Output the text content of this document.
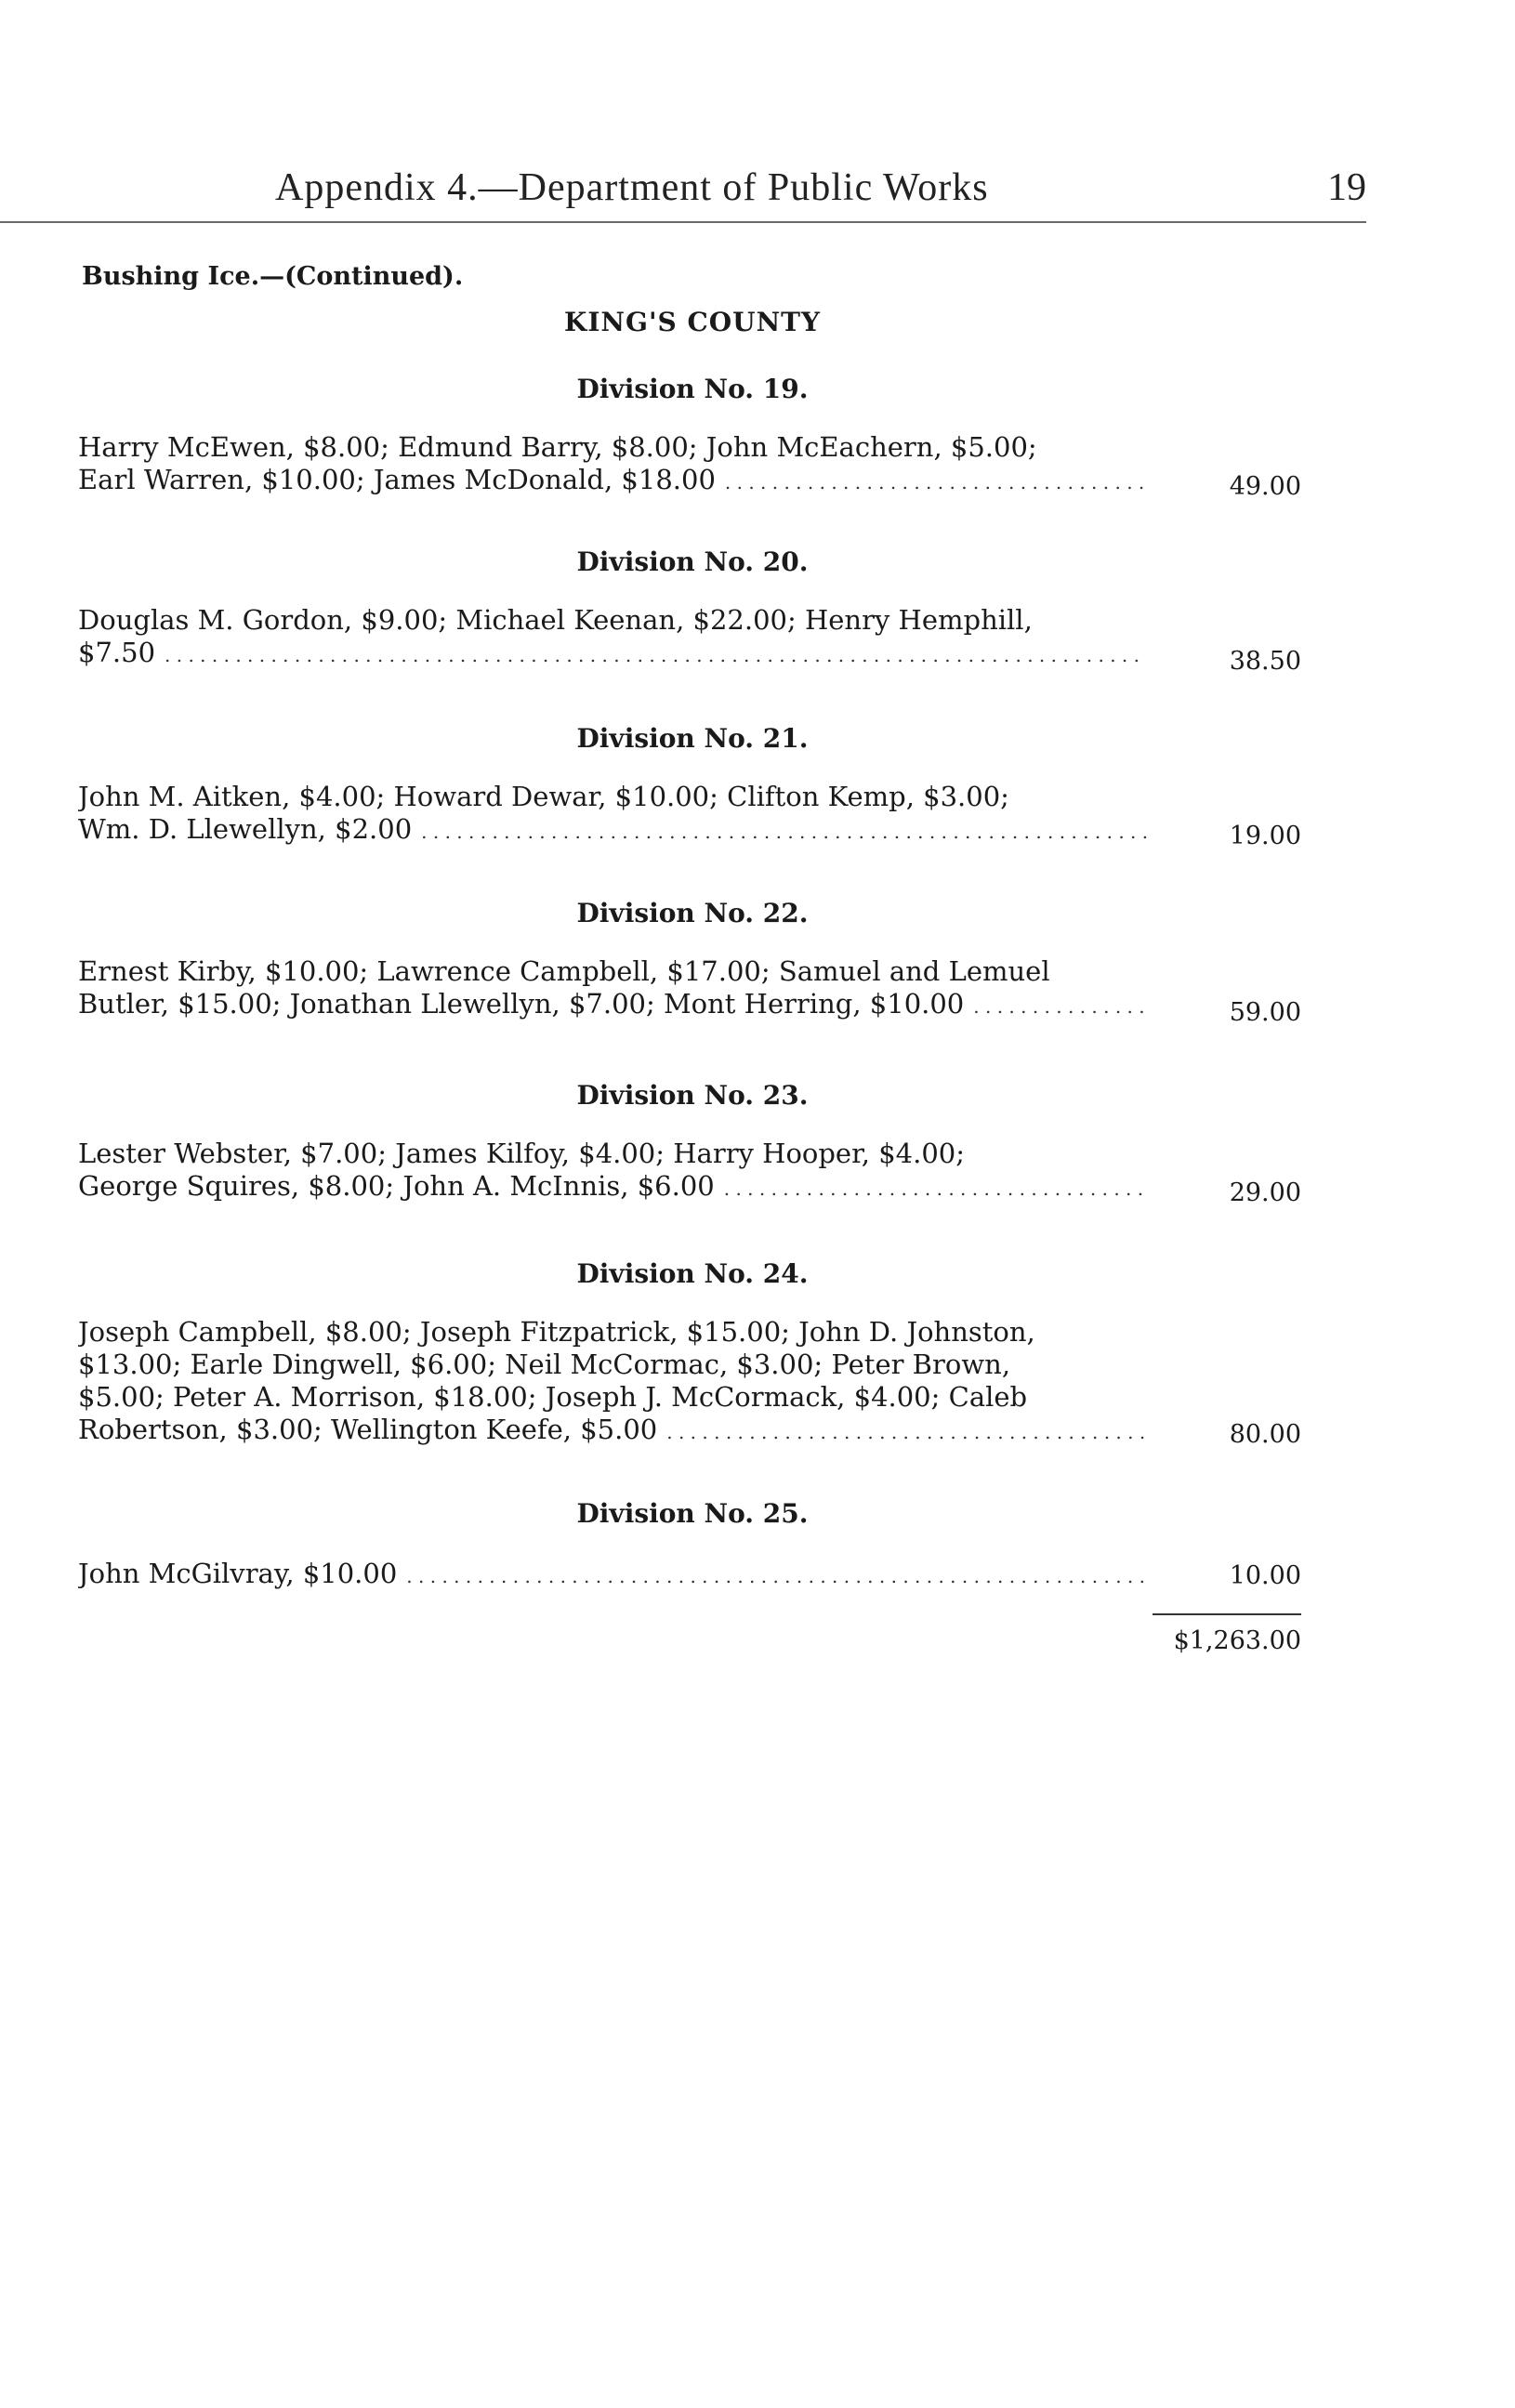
Appendix 4.—Department of Public Works	19
Bushing Ice.—(Continued).
KING'S COUNTY
Division No. 19.
Harry McEwen, $8.00; Edmund Barry, $8.00; John McEachern, $5.00;
Earl Warren, $10.00; James McDonald, $18.00 . . .	49.00
Division No. 20.
Douglas M. Gordon, $9.00; Michael Keenan, $22.00; Henry Hemphill,
$7.50 . . .	38.50
Division No. 21.
John M. Aitken, $4.00; Howard Dewar, $10.00; Clifton Kemp, $3.00;
Wm. D. Llewellyn, $2.00 . . .	19.00
Division No. 22.
Ernest Kirby, $10.00; Lawrence Campbell, $17.00; Samuel and Lemuel
Butler, $15.00; Jonathan Llewellyn, $7.00; Mont Herring, $10.00 . . .	59.00
Division No. 23.
Lester Webster, $7.00; James Kilfoy, $4.00; Harry Hooper, $4.00;
George Squires, $8.00; John A. McInnis, $6.00 . . .	29.00
Division No. 24.
Joseph Campbell, $8.00; Joseph Fitzpatrick, $15.00; John D. Johnston,
$13.00; Earle Dingwell, $6.00; Neil McCormac, $3.00; Peter Brown,
$5.00; Peter A. Morrison, $18.00; Joseph J. McCormack, $4.00; Caleb
Robertson, $3.00; Wellington Keefe, $5.00 . . .	80.00
Division No. 25.
John McGilvray, $10.00 . . .	10.00
$1,263.00
